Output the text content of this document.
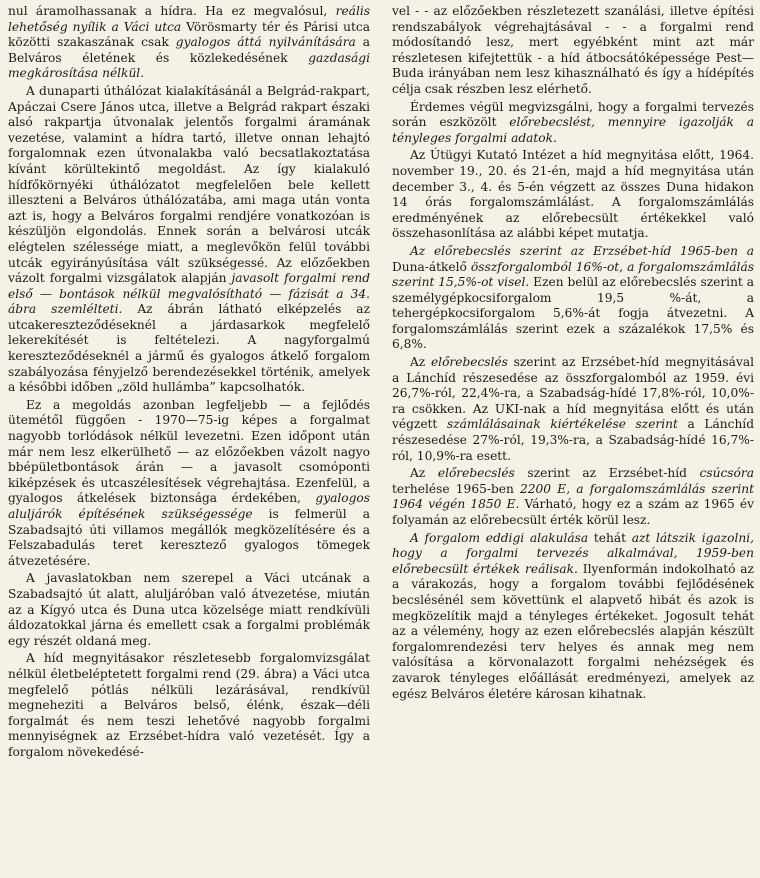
nul áramolhassanak a hídra. Ha ez megvalósul, reális lehetőség nyílik a Váci utca Vörösmarty tér és Párisi utca közötti szakaszának csak gyalogos áttá nyilvánítására a Belváros életének és közlekedésének gazdasági megkárosítása nélkül.

A dunaparti úthálózat kialakításánál a Belgrád-rakpart, Apáczai Csere János utca, illetve a Belgrád rakpart északi alsó rakpartja útvonalak jelentős forgalmi áramának vezetése, valamint a hídra tartó, illetve onnan lehajtó forgalomnak ezen útvonalakba való becsatlakoztatása kívánt körültekintő megoldást. Az így kialakuló hídfőkörnyéki úthálózatot megfelelően bele kellett illeszteni a Belváros úthálózatába, ami maga után vonta azt is, hogy a Belváros forgalmi rendjére vonatkozóan is készüljön elgondolás. Ennek során a belvárosi utcák elégtelen szélessége miatt, a meglevőkön felül további utcák egyirányúsítása vált szükségessé. Az előzőekben vázolt forgalmi vizsgálatok alapján javasolt forgalmi rend első — bontások nélkül megvalósítható — fázisát a 34. ábra szemlélteti. Az ábrán látható elképzelés az utcakereszteződéseknél a járdasarkok megfelelő lekerekítését is feltételezi. A nagyforgalmú kereszteződéseknél a jármű és gyalogos átkelő forgalom szabályozása fényjelző berendezésekkel történik, amelyek a későbbi időben „zöld hullámba” kapcsolhatók.

Ez a megoldás azonban legfeljebb — a fejlődés ütemétől függően - 1970—75-ig képes a forgalmat nagyobb torlódások nélkül levezetni. Ezen időpont után már nem lesz elkerülhető — az előzőekben vázolt nagyo bbépületbontások árán — a javasolt csomóponti kiképzések és utcaszélesítések végrehajtása. Ezenfelül, a gyalogos átkelések biztonsága érdekében, gyalogos aluljárók építésének szükségessége is felmerül a Szabadsajtó úti villamos megállók megközelítésére és a Felszabadulás teret keresztező gyalogos tömegek átvezetésére.

A javaslatokban nem szerepel a Váci utcának a Szabadsajtó út alatt, aluljáróban való átvezetése, miután az a Kígyó utca és Duna utca közelsége miatt rendkívüli áldozatokkal járna és emellett csak a forgalmi problémák egy részét oldaná meg.

A híd megnyitásakor részletesebb forgalomvizsgálat nélkül életbeléptetett forgalmi rend (29. ábra) a Váci utca megfelelő pótlás nélküli lezárásával, rendkívül megneheziti a Belváros belső, élénk, észak—déli forgalmát és nem teszi lehetővé nagyobb forgalmi mennyiségnek az Erzsébet-hídra való vezetését. Így a forgalom növekedésé-

vel - - az előzőekben részletezett szanálási, illetve építési rendszabályok végrehajtásával - - a forgalmi rend módosítandó lesz, mert egyébként mint azt már részletesen kifejtettük - a híd átbocsátóképessége Pest—Buda irányában nem lesz kihasználható és így a hídépítés célja csak részben lesz elérhető.

Érdemes végül megvizsgálni, hogy a forgalmi tervezés során eszközölt előrebecslést, mennyire igazolják a tényleges forgalmi adatok.

Az Útügyi Kutató Intézet a híd megnyitása előtt, 1964. november 19., 20. és 21-én, majd a híd megnyitása után december 3., 4. és 5-én végzett az összes Duna hidakon 14 órás forgalomszámlálást. A forgalomszámlálás eredményének az előrebecsült értékekkel való összehasonlítása az alábbi képet mutatja.

Az előrebecslés szerint az Erzsébet-híd 1965-ben a Duna-átkelő összforgalomból 16%-ot, a forgalomszámlálás szerint 15,5%-ot visel. Ezen belül az előrebecslés szerint a személygépkocsiforgalom 19,5 %-át, a tehergépkocsiforgalom 5,6%-át fogja átvezetni. A forgalomszámlálás szerint ezek a százalékok 17,5% és 6,8%.

Az előrebecslés szerint az Erzsébet-híd megnyitásával a Lánchíd részesedése az összforgalomból az 1959. évi 26,7%-ról, 22,4%-ra, a Szabadság-hídé 17,8%-ról, 10,0%-ra csökken. Az UKI-nak a híd megnyitása előtt és után végzett számlálásainak kiértékelése szerint a Lánchíd részesedése 27%-ról, 19,3%-ra, a Szabadság-hídé 16,7%-ról, 10,9%-ra esett.

Az előrebecslés szerint az Erzsébet-híd csúcsóra terhelése 1965-ben 2200 E, a forgalomszámlálás szerint 1964 végén 1850 E. Várható, hogy ez a szám az 1965 év folyamán az előrebecsült érték körül lesz.

A forgalom eddigi alakulása tehát azt látszik igazolni, hogy a forgalmi tervezés alkalmával, 1959-ben előrebecsült értékek reálisak. Ilyenformán indokolható az a várakozás, hogy a forgalom további fejlődésének becslésénél sem követtünk el alapvető hibát és azok is megközelítik majd a tényleges értékeket. Jogosult tehát az a vélemény, hogy az ezen előrebecslés alapján készült forgalomrendezési terv helyes és annak meg nem valósítása a körvonalazott forgalmi nehézségek és zavarok tényleges előállását eredményezi, amelyek az egész Belváros életére károsan kihatnak.
